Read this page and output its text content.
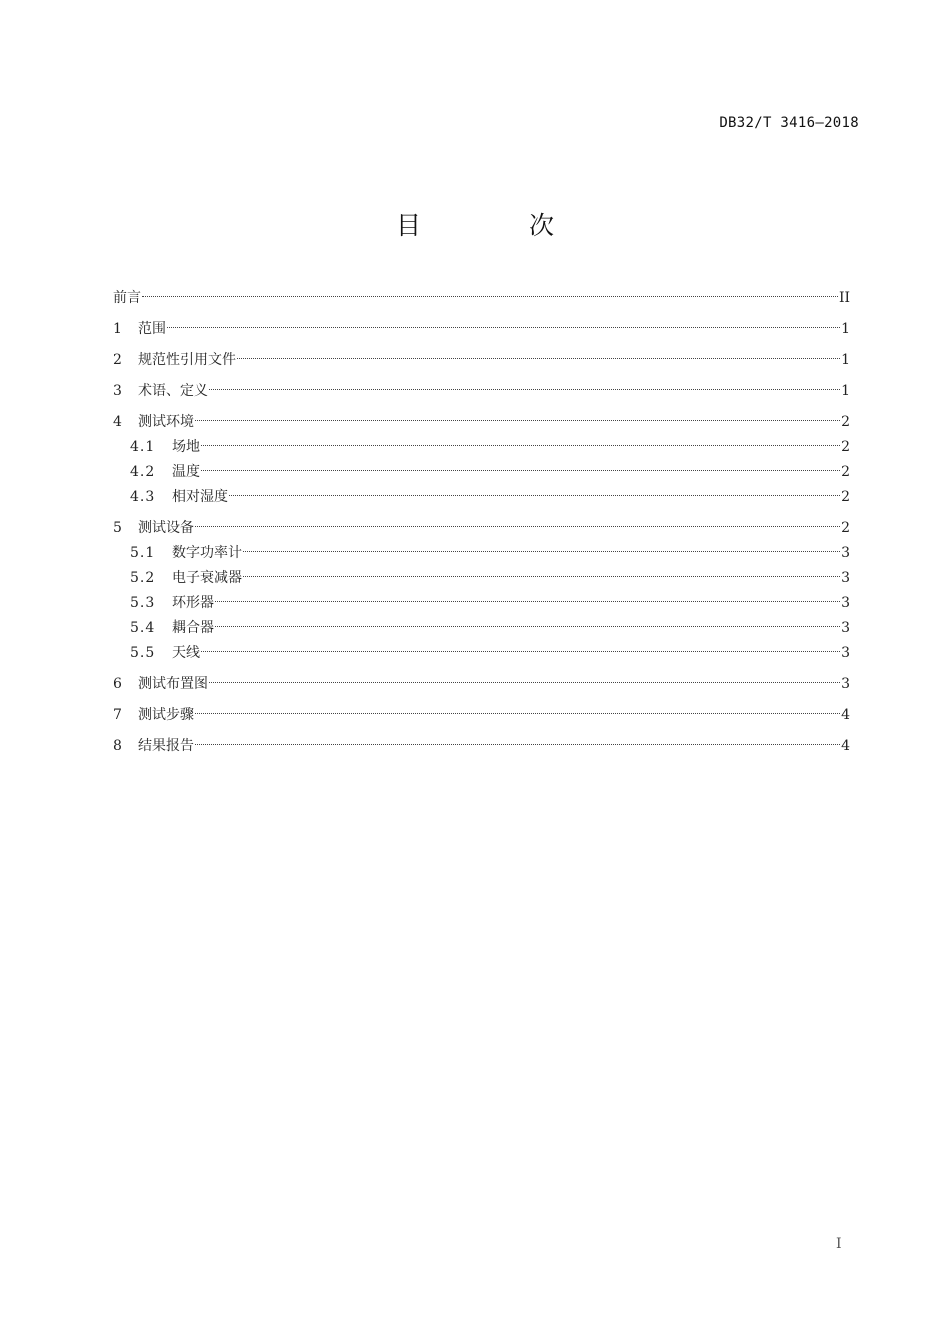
DB32/T 3416—2018
目 次
前言	II
1	范围	1
2	规范性引用文件	1
3	术语、定义	1
4	测试环境	2
4.1	场地	2
4.2	温度	2
4.3	相对湿度	2
5	测试设备	2
5.1	数字功率计	3
5.2	电子衰减器	3
5.3	环形器	3
5.4	耦合器	3
5.5	天线	3
6	测试布置图	3
7	测试步骤	4
8	结果报告	4
I
